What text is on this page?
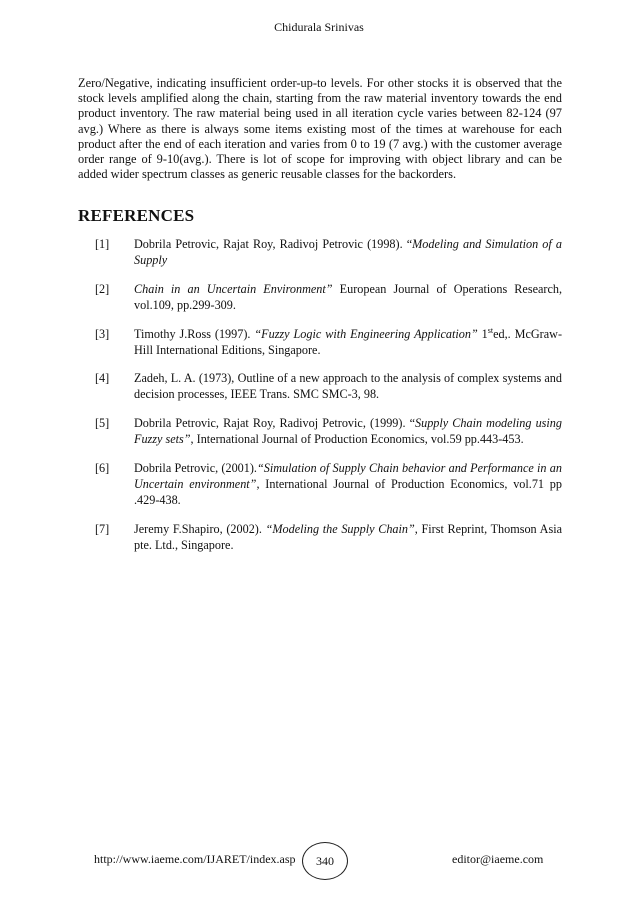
Chidurala Srinivas

Zero/Negative, indicating insufficient order-up-to levels. For other stocks it is observed that the stock levels amplified along the chain, starting from the raw material inventory towards the end product inventory. The raw material being used in all iteration cycle varies between 82-124 (97 avg.) Where as there is always some items existing most of the times at warehouse for each product after the end of each iteration and varies from 0 to 19 (7 avg.) with the customer average order range of 9-10(avg.). There is lot of scope for improving with object library and can be added wider spectrum classes as generic reusable classes for the backorders.

REFERENCES
[1] Dobrila Petrovic, Rajat Roy, Radivoj Petrovic (1998). “Modeling and Simulation of a Supply
[2] Chain in an Uncertain Environment” European Journal of Operations Research, vol.109, pp.299-309.
[3] Timothy J.Ross (1997). “Fuzzy Logic with Engineering Application” 1sted,. McGraw-Hill International Editions, Singapore.
[4] Zadeh, L. A. (1973), Outline of a new approach to the analysis of complex systems and decision processes, IEEE Trans. SMC SMC-3, 98.
[5] Dobrila Petrovic, Rajat Roy, Radivoj Petrovic, (1999). “Supply Chain modeling using Fuzzy sets”, International Journal of Production Economics, vol.59 pp.443-453.
[6] Dobrila Petrovic, (2001).“Simulation of Supply Chain behavior and Performance in an Uncertain environment”, International Journal of Production Economics, vol.71 pp .429-438.
[7] Jeremy F.Shapiro, (2002). “Modeling the Supply Chain”, First Reprint, Thomson Asia pte. Ltd., Singapore.
http://www.iaeme.com/IJARET/index.asp	340	editor@iaeme.com
